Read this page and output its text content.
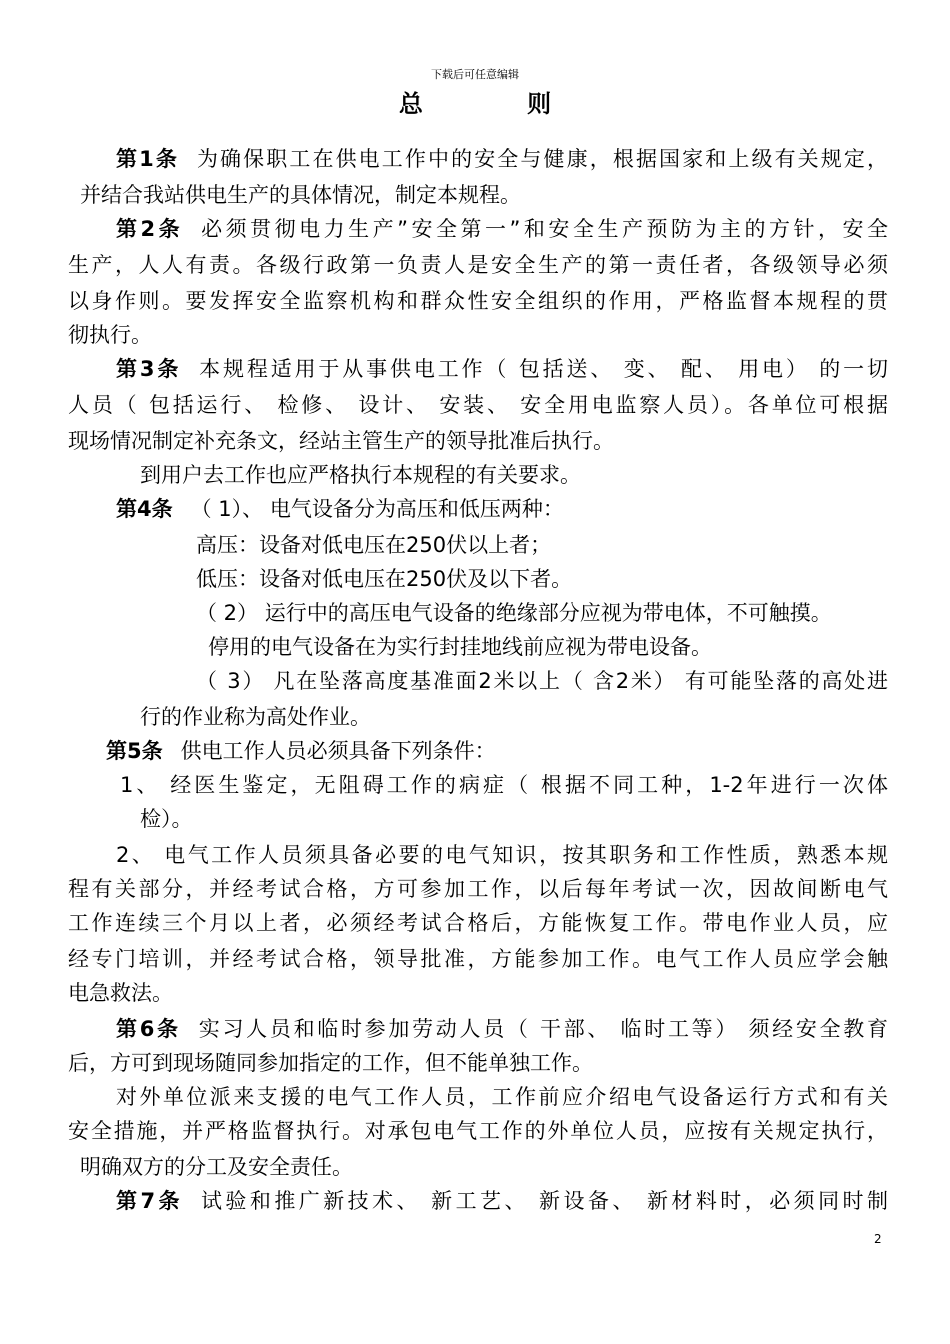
下载后可任意编辑
总 则
第1条 为确保职工在供电工作中的安全与健康，根据国家和上级有关规定，
并结合我站供电生产的具体情况，制定本规程。
第2条 必须贯彻电力生产”安全第一”和安全生产预防为主的方针，安全
生产，人人有责。各级行政第一负责人是安全生产的第一责任者，各级领导必须
以身作则。要发挥安全监察机构和群众性安全组织的作用，严格监督本规程的贯
彻执行。
第3条 本规程适用于从事供电工作（ 包括送、 变、 配、 用电） 的一切
人员（ 包括运行、 检修、 设计、 安装、 安全用电监察人员）。各单位可根据
现场情况制定补充条文，经站主管生产的领导批准后执行。
到用户去工作也应严格执行本规程的有关要求。
第4条 （ 1）、 电气设备分为高压和低压两种：
高压：设备对低电压在250伏以上者；
低压：设备对低电压在250伏及以下者。
（ 2） 运行中的高压电气设备的绝缘部分应视为带电体，不可触摸。
停用的电气设备在为实行封挂地线前应视为带电设备。
（ 3） 凡在坠落高度基准面2米以上（ 含2米） 有可能坠落的高处进
行的作业称为高处作业。
第5条 供电工作人员必须具备下列条件：
1、 经医生鉴定，无阻碍工作的病症（ 根据不同工种，1-2年进行一次体
检）。
2、 电气工作人员须具备必要的电气知识，按其职务和工作性质，熟悉本规
程有关部分，并经考试合格，方可参加工作，以后每年考试一次，因故间断电气
工作连续三个月以上者，必须经考试合格后，方能恢复工作。带电作业人员，应
经专门培训，并经考试合格，领导批准，方能参加工作。电气工作人员应学会触
电急救法。
第6条 实习人员和临时参加劳动人员（ 干部、 临时工等） 须经安全教育
后，方可到现场随同参加指定的工作，但不能单独工作。
对外单位派来支援的电气工作人员，工作前应介绍电气设备运行方式和有关
安全措施，并严格监督执行。对承包电气工作的外单位人员，应按有关规定执行，
明确双方的分工及安全责任。
第7条 试验和推广新技术、 新工艺、 新设备、 新材料时，必须同时制
2
